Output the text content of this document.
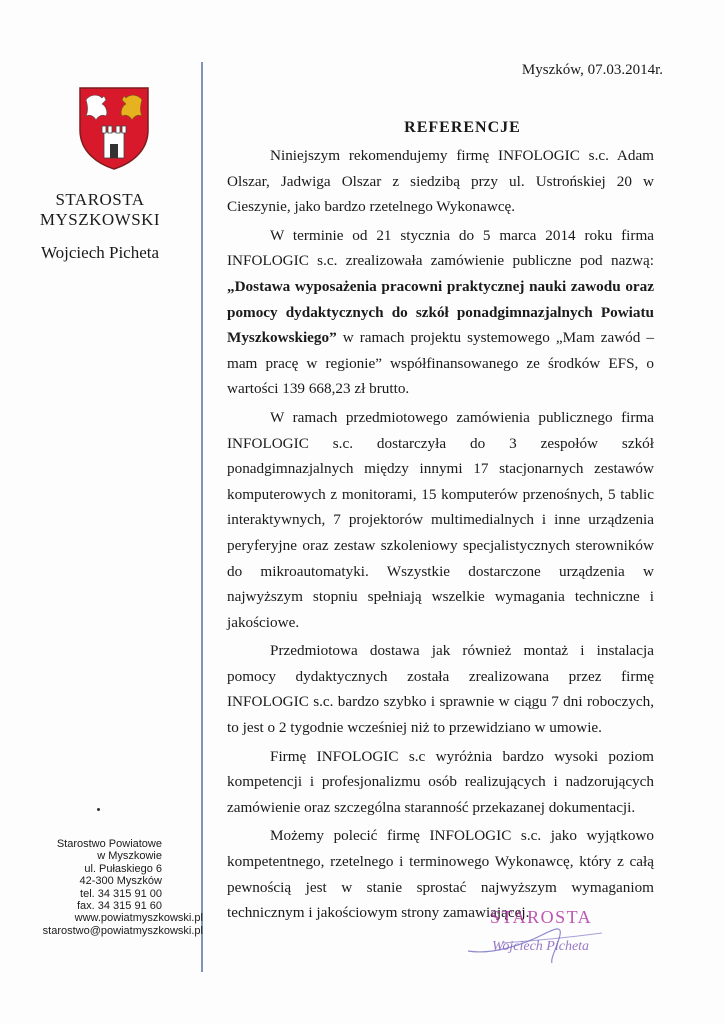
STAROSTA
MYSZKOWSKI
Wojciech Picheta
Starostwo Powiatowe
w Myszkowie
ul. Pułaskiego 6
42-300 Myszków
tel. 34 315 91 00
fax. 34 315 91 60
www.powiatmyszkowski.pl
starostwo@powiatmyszkowski.pl
Myszków, 07.03.2014r.
REFERENCJE

Niniejszym rekomendujemy firmę INFOLOGIC s.c. Adam Olszar, Jadwiga Olszar z siedzibą przy ul. Ustrońskiej 20 w Cieszynie, jako bardzo rzetelnego Wykonawcę.

W terminie od 21 stycznia do 5 marca 2014 roku firma INFOLOGIC s.c. zrealizowała zamówienie publiczne pod nazwą: „Dostawa wyposażenia pracowni praktycznej nauki zawodu oraz pomocy dydaktycznych do szkół ponadgimnazjalnych Powiatu Myszkowskiego” w ramach projektu systemowego „Mam zawód – mam pracę w regionie” współfinansowanego ze środków EFS, o wartości 139 668,23 zł brutto.

W ramach przedmiotowego zamówienia publicznego firma INFOLOGIC s.c. dostarczyła do 3 zespołów szkół ponadgimnazjalnych między innymi 17 stacjonarnych zestawów komputerowych z monitorami, 15 komputerów przenośnych, 5 tablic interaktywnych, 7 projektorów multimedialnych i inne urządzenia peryferyjne oraz zestaw szkoleniowy specjalistycznych sterowników do mikroautomatyki. Wszystkie dostarczone urządzenia w najwyższym stopniu spełniają wszelkie wymagania techniczne i jakościowe.

Przedmiotowa dostawa jak również montaż i instalacja pomocy dydaktycznych została zrealizowana przez firmę INFOLOGIC s.c. bardzo szybko i sprawnie w ciągu 7 dni roboczych, to jest o 2 tygodnie wcześniej niż to przewidziano w umowie.

Firmę INFOLOGIC s.c wyróżnia bardzo wysoki poziom kompetencji i profesjonalizmu osób realizujących i nadzorujących zamówienie oraz szczególna staranność przekazanej dokumentacji.

Możemy polecić firmę INFOLOGIC s.c. jako wyjątkowo kompetentnego, rzetelnego i terminowego Wykonawcę, który z całą pewnością jest w stanie sprostać najwyższym wymaganiom technicznym i jakościowym strony zamawiającej.

STAROSTA
Wojciech Picheta
